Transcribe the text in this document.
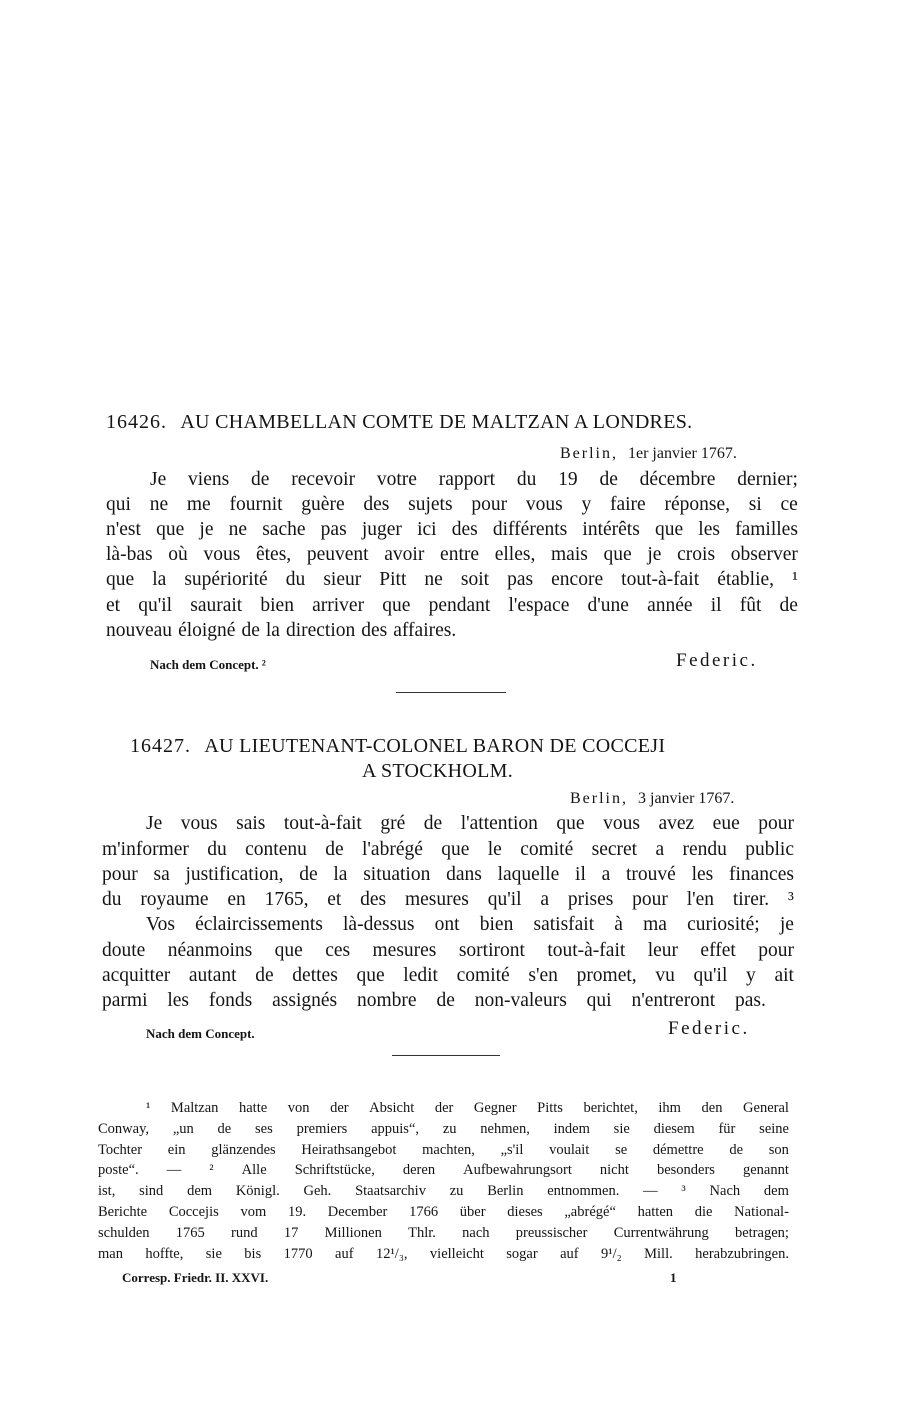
16426. AU CHAMBELLAN COMTE DE MALTZAN A LONDRES.
Berlin, 1er janvier 1767.
Je viens de recevoir votre rapport du 19 de décembre dernier;
qui ne me fournit guère des sujets pour vous y faire réponse, si ce
n'est que je ne sache pas juger ici des différents intérêts que les familles
là-bas où vous êtes, peuvent avoir entre elles, mais que je crois observer
que la supériorité du sieur Pitt ne soit pas encore tout-à-fait établie, ¹
et qu'il saurait bien arriver que pendant l'espace d'une année il fût de
nouveau éloigné de la direction des affaires.
Nach dem Concept. ²	Federic.
16427. AU LIEUTENANT-COLONEL BARON DE COCCEJI
A STOCKHOLM.
Berlin, 3 janvier 1767.
Je vous sais tout-à-fait gré de l'attention que vous avez eue pour
m'informer du contenu de l'abrégé que le comité secret a rendu public
pour sa justification, de la situation dans laquelle il a trouvé les finances
du royaume en 1765, et des mesures qu'il a prises pour l'en tirer. ³
Vos éclaircissements là-dessus ont bien satisfait à ma curiosité; je
doute néanmoins que ces mesures sortiront tout-à-fait leur effet pour
acquitter autant de dettes que ledit comité s'en promet, vu qu'il y ait
parmi les fonds assignés nombre de non-valeurs qui n'entreront pas.
Nach dem Concept.	Federic.
¹ Maltzan hatte von der Absicht der Gegner Pitts berichtet, ihm den General
Conway, „un de ses premiers appuis“, zu nehmen, indem sie diesem für seine
Tochter ein glänzendes Heirathsangebot machten, „s'il voulait se démettre de son
poste“. — ² Alle Schriftstücke, deren Aufbewahrungsort nicht besonders genannt
ist, sind dem Königl. Geh. Staatsarchiv zu Berlin entnommen. — ³ Nach dem
Berichte Coccejis vom 19. December 1766 über dieses „abrégé“ hatten die National-
schulden 1765 rund 17 Millionen Thlr. nach preussischer Currentwährung betragen;
man hoffte, sie bis 1770 auf 12¹/₃, vielleicht sogar auf 9¹/₂ Mill. herabzubringen.
Corresp. Friedr. II. XXVI.	1
